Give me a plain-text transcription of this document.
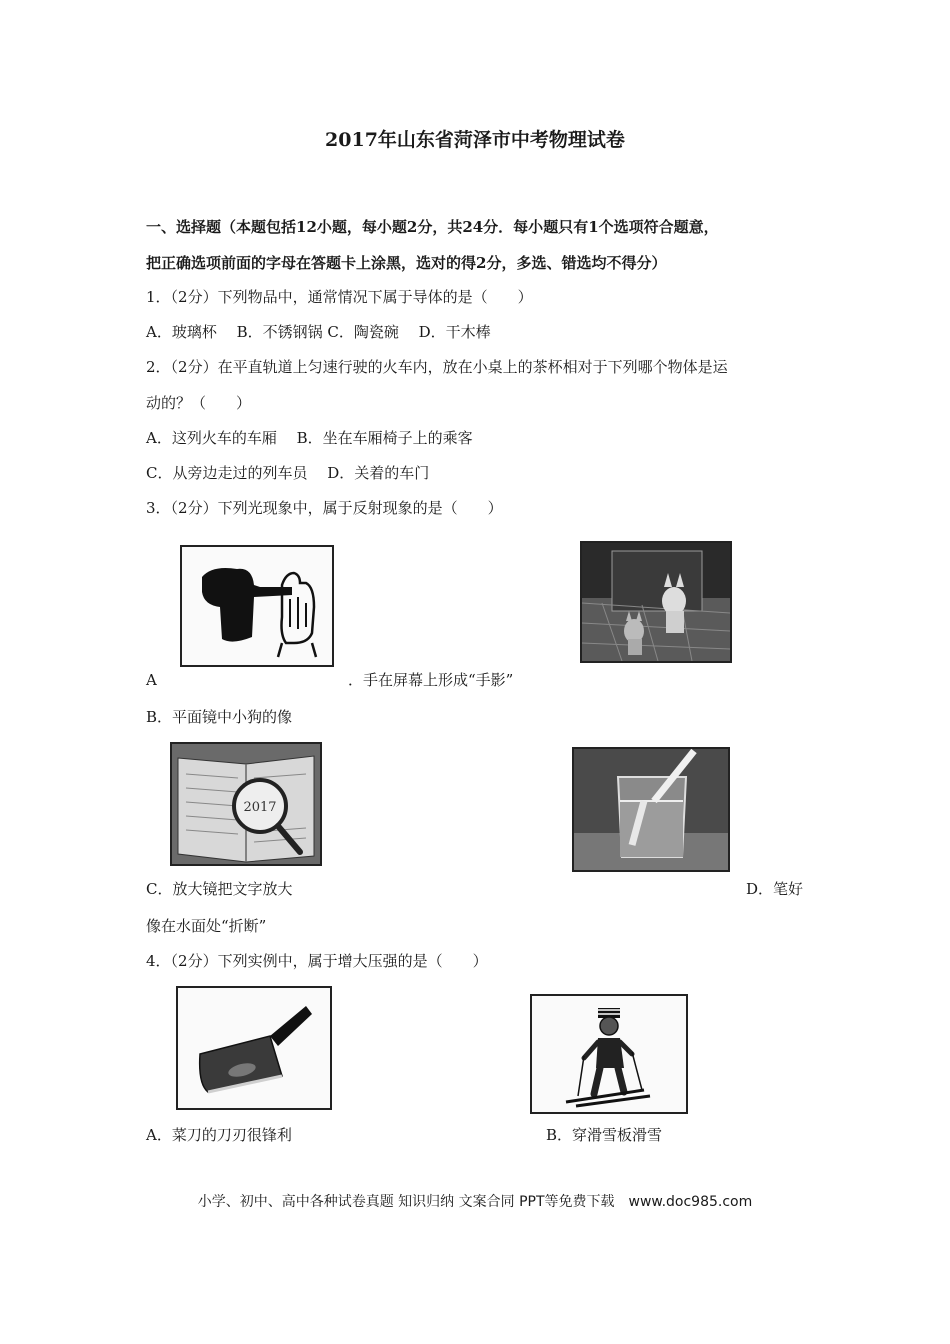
2017年山东省菏泽市中考物理试卷
一、选择题（本题包括12小题，每小题2分，共24分．每小题只有1个选项符合题意，
把正确选项前面的字母在答题卡上涂黑，选对的得2分，多选、错选均不得分）
1．（2分）下列物品中，通常情况下属于导体的是（　　）
A．玻璃杯　 B．不锈钢锅 C．陶瓷碗　 D．干木棒
2．（2分）在平直轨道上匀速行驶的火车内，放在小桌上的茶杯相对于下列哪个物体是运
动的？（　　）
A．这列火车的车厢　 B．坐在车厢椅子上的乘客
C．从旁边走过的列车员　 D．关着的车门
3．（2分）下列光现象中，属于反射现象的是（　　）
A	．手在屏幕上形成“手影”
B．平面镜中小狗的像
2017
C．放大镜把文字放大	D．笔好
像在水面处“折断”
4．（2分）下列实例中，属于增大压强的是（　　）
A．菜刀的刀刃很锋利	B．穿滑雪板滑雪
小学、初中、高中各种试卷真题 知识归纳 文案合同 PPT等免费下载　www.doc985.com
